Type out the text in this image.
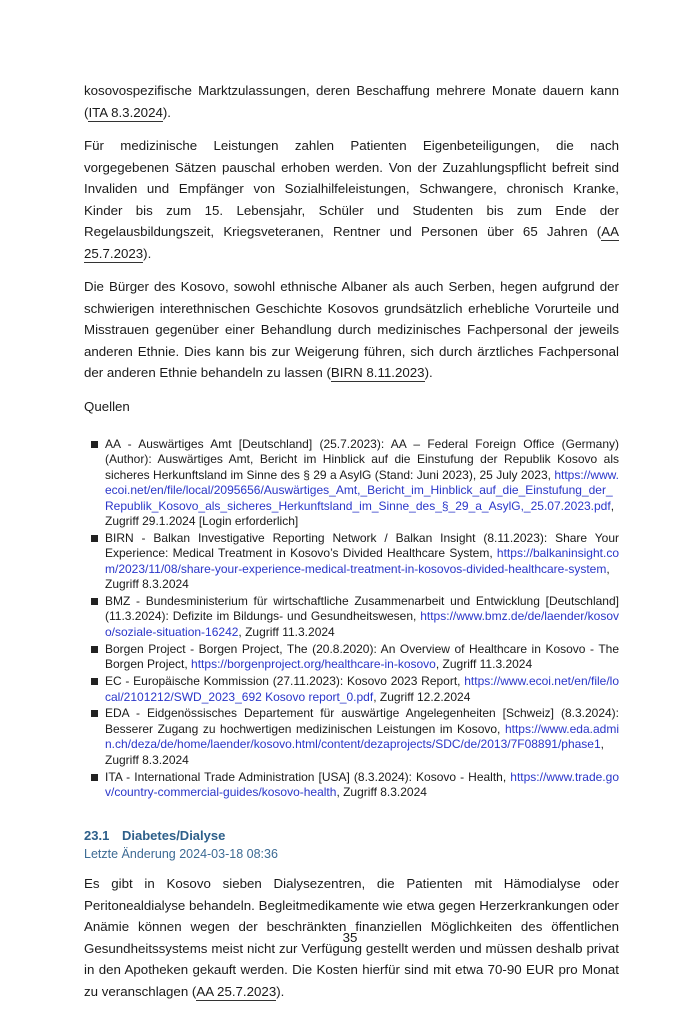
kosovospezifische Marktzulassungen, deren Beschaffung mehrere Monate dauern kann (ITA 8.3.2024).

Für medizinische Leistungen zahlen Patienten Eigenbeteiligungen, die nach vorgegebenen Sätzen pauschal erhoben werden. Von der Zuzahlungspflicht befreit sind Invaliden und Empfänger von Sozialhilfeleistungen, Schwangere, chronisch Kranke, Kinder bis zum 15. Lebensjahr, Schüler und Studenten bis zum Ende der Regelausbildungszeit, Kriegsveteranen, Rentner und Personen über 65 Jahren (AA 25.7.2023).

Die Bürger des Kosovo, sowohl ethnische Albaner als auch Serben, hegen aufgrund der schwierigen interethnischen Geschichte Kosovos grundsätzlich erhebliche Vorurteile und Misstrauen gegenüber einer Behandlung durch medizinisches Fachpersonal der jeweils anderen Ethnie. Dies kann bis zur Weigerung führen, sich durch ärztliches Fachpersonal der anderen Ethnie behandeln zu lassen (BIRN 8.11.2023).

Quellen
AA - Auswärtiges Amt [Deutschland] (25.7.2023): AA – Federal Foreign Office (Germany) (Author): Auswärtiges Amt, Bericht im Hinblick auf die Einstufung der Republik Kosovo als sicheres Herkunftsland im Sinne des § 29 a AsylG (Stand: Juni 2023), 25 July 2023, https://www.ecoi.net/en/file/local/2095656/Auswärtiges_Amt,_Bericht_im_Hinblick_auf_die_Einstufung_der_Republik_Kosovo_als_sicheres_Herkunftsland_im_Sinne_des_§_29_a_AsylG,_25.07.2023.pdf, Zugriff 29.1.2024 [Login erforderlich]
BIRN - Balkan Investigative Reporting Network / Balkan Insight (8.11.2023): Share Your Experience: Medical Treatment in Kosovo’s Divided Healthcare System, https://balkaninsight.com/2023/11/08/share-your-experience-medical-treatment-in-kosovos-divided-healthcare-system, Zugriff 8.3.2024
BMZ - Bundesministerium für wirtschaftliche Zusammenarbeit und Entwicklung [Deutschland] (11.3.2024): Defizite im Bildungs- und Gesundheitswesen, https://www.bmz.de/de/laender/kosovo/soziale-situation-16242, Zugriff 11.3.2024
Borgen Project - Borgen Project, The (20.8.2020): An Overview of Healthcare in Kosovo - The Borgen Project, https://borgenproject.org/healthcare-in-kosovo, Zugriff 11.3.2024
EC - Europäische Kommission (27.11.2023): Kosovo 2023 Report, https://www.ecoi.net/en/file/local/2101212/SWD_2023_692 Kosovo report_0.pdf, Zugriff 12.2.2024
EDA - Eidgenössisches Departement für auswärtige Angelegenheiten [Schweiz] (8.3.2024): Besserer Zugang zu hochwertigen medizinischen Leistungen im Kosovo, https://www.eda.admin.ch/deza/de/home/laender/kosovo.html/content/dezaprojects/SDC/de/2013/7F08891/phase1, Zugriff 8.3.2024
ITA - International Trade Administration [USA] (8.3.2024): Kosovo - Health, https://www.trade.gov/country-commercial-guides/kosovo-health, Zugriff 8.3.2024
23.1 Diabetes/Dialyse
Letzte Änderung 2024-03-18 08:36

Es gibt in Kosovo sieben Dialysezentren, die Patienten mit Hämodialyse oder Peritonealdialyse behandeln. Begleitmedikamente wie etwa gegen Herzerkrankungen oder Anämie können wegen der beschränkten finanziellen Möglichkeiten des öffentlichen Gesundheitssystems meist nicht zur Verfügung gestellt werden und müssen deshalb privat in den Apotheken gekauft werden. Die Kosten hierfür sind mit etwa 70-90 EUR pro Monat zu veranschlagen (AA 25.7.2023).

35
